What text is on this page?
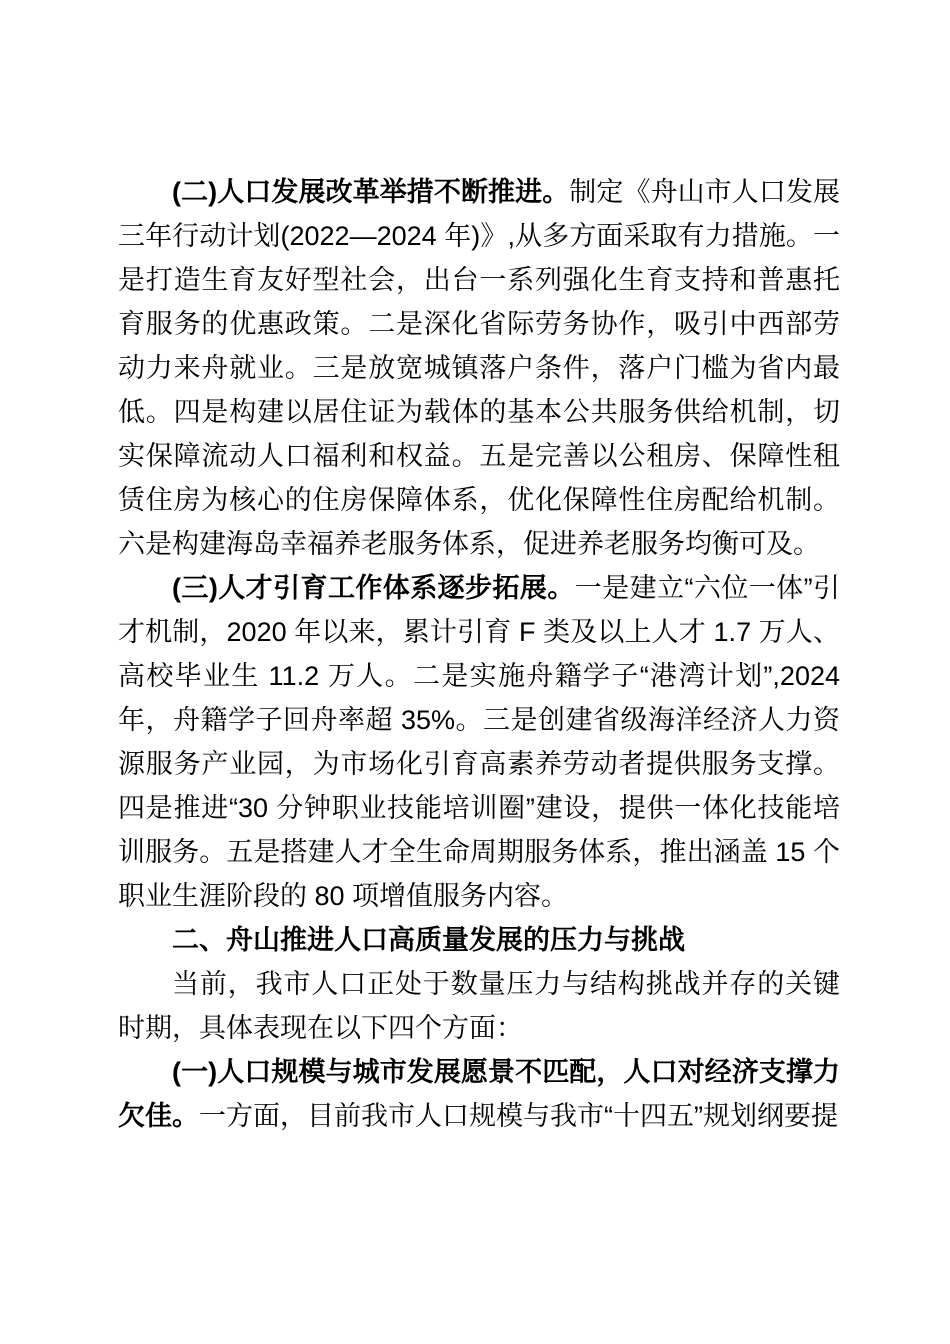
(二)人口发展改革举措不断推进。制定《舟山市人口发展三年行动计划(2022—2024 年)》,从多方面采取有力措施。一是打造生育友好型社会，出台一系列强化生育支持和普惠托育服务的优惠政策。二是深化省际劳务协作，吸引中西部劳动力来舟就业。三是放宽城镇落户条件，落户门槛为省内最低。四是构建以居住证为载体的基本公共服务供给机制，切实保障流动人口福利和权益。五是完善以公租房、保障性租赁住房为核心的住房保障体系，优化保障性住房配给机制。六是构建海岛幸福养老服务体系，促进养老服务均衡可及。

(三)人才引育工作体系逐步拓展。一是建立“六位一体”引才机制，2020 年以来，累计引育 F 类及以上人才 1.7 万人、高校毕业生 11.2 万人。二是实施舟籍学子“港湾计划”,2024 年，舟籍学子回舟率超 35%。三是创建省级海洋经济人力资源服务产业园，为市场化引育高素养劳动者提供服务支撑。四是推进“30 分钟职业技能培训圈”建设，提供一体化技能培训服务。五是搭建人才全生命周期服务体系，推出涵盖 15 个职业生涯阶段的 80 项增值服务内容。

二、舟山推进人口高质量发展的压力与挑战

当前，我市人口正处于数量压力与结构挑战并存的关键时期，具体表现在以下四个方面：

(一)人口规模与城市发展愿景不匹配，人口对经济支撑力欠佳。一方面，目前我市人口规模与我市“十四五”规划纲要提
